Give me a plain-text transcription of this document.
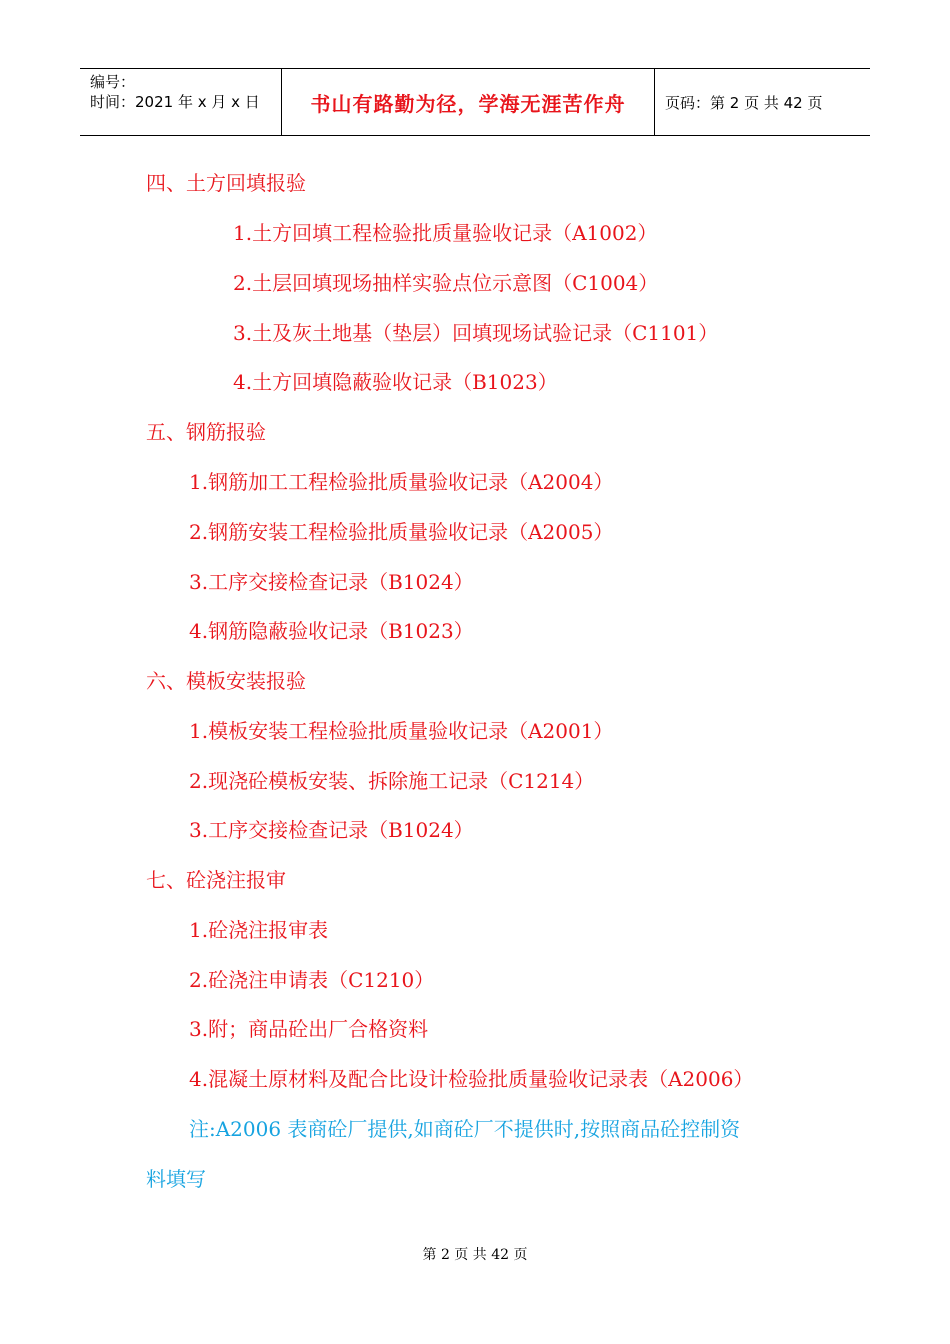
编号：
时间：2021 年 x 月 x 日	书山有路勤为径，学海无涯苦作舟	页码：第 2 页 共 42 页
四、土方回填报验
1.土方回填工程检验批质量验收记录（A1002）
2.土层回填现场抽样实验点位示意图（C1004）
3.土及灰土地基（垫层）回填现场试验记录（C1101）
4.土方回填隐蔽验收记录（B1023）
五、钢筋报验
1.钢筋加工工程检验批质量验收记录（A2004）
2.钢筋安装工程检验批质量验收记录（A2005）
3.工序交接检查记录（B1024）
4.钢筋隐蔽验收记录（B1023）
六、模板安装报验
1.模板安装工程检验批质量验收记录（A2001）
2.现浇砼模板安装、拆除施工记录（C1214）
3.工序交接检查记录（B1024）
七、砼浇注报审
1.砼浇注报审表
2.砼浇注申请表（C1210）
3.附；商品砼出厂合格资料
4.混凝土原材料及配合比设计检验批质量验收记录表（A2006）
注:A2006 表商砼厂提供,如商砼厂不提供时,按照商品砼控制资
料填写
第 2 页 共 42 页
